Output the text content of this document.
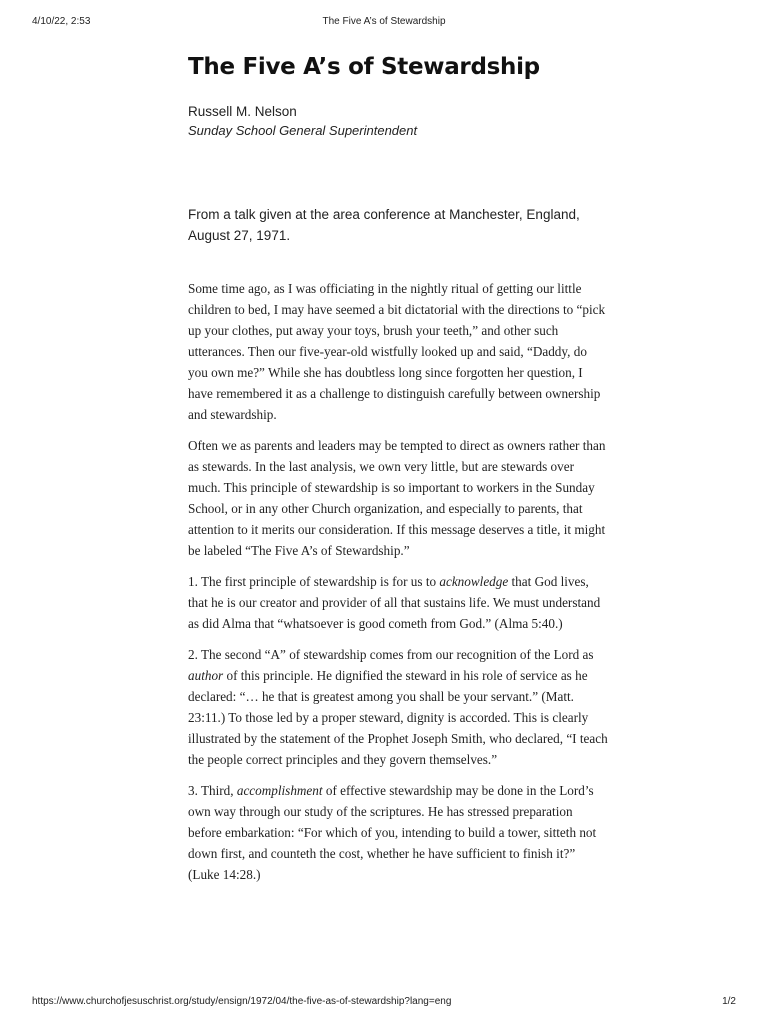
4/10/22, 2:53	The Five A’s of Stewardship
The Five A’s of Stewardship
Russell M. Nelson
Sunday School General Superintendent
From a talk given at the area conference at Manchester, England, August 27, 1971.

Some time ago, as I was officiating in the nightly ritual of getting our little children to bed, I may have seemed a bit dictatorial with the directions to “pick up your clothes, put away your toys, brush your teeth,” and other such utterances. Then our five-year-old wistfully looked up and said, “Daddy, do you own me?” While she has doubtless long since forgotten her question, I have remembered it as a challenge to distinguish carefully between ownership and stewardship.

Often we as parents and leaders may be tempted to direct as owners rather than as stewards. In the last analysis, we own very little, but are stewards over much. This principle of stewardship is so important to workers in the Sunday School, or in any other Church organization, and especially to parents, that attention to it merits our consideration. If this message deserves a title, it might be labeled “The Five A’s of Stewardship.”

1. The first principle of stewardship is for us to acknowledge that God lives, that he is our creator and provider of all that sustains life. We must understand as did Alma that “whatsoever is good cometh from God.” (Alma 5:40.)

2. The second “A” of stewardship comes from our recognition of the Lord as author of this principle. He dignified the steward in his role of service as he declared: “… he that is greatest among you shall be your servant.” (Matt. 23:11.) To those led by a proper steward, dignity is accorded. This is clearly illustrated by the statement of the Prophet Joseph Smith, who declared, “I teach the people correct principles and they govern themselves.”

3. Third, accomplishment of effective stewardship may be done in the Lord’s own way through our study of the scriptures. He has stressed preparation before embarkation: “For which of you, intending to build a tower, sitteth not down first, and counteth the cost, whether he have sufficient to finish it?” (Luke 14:28.)

https://www.churchofjesuschrist.org/study/ensign/1972/04/the-five-as-of-stewardship?lang=eng	1/2
